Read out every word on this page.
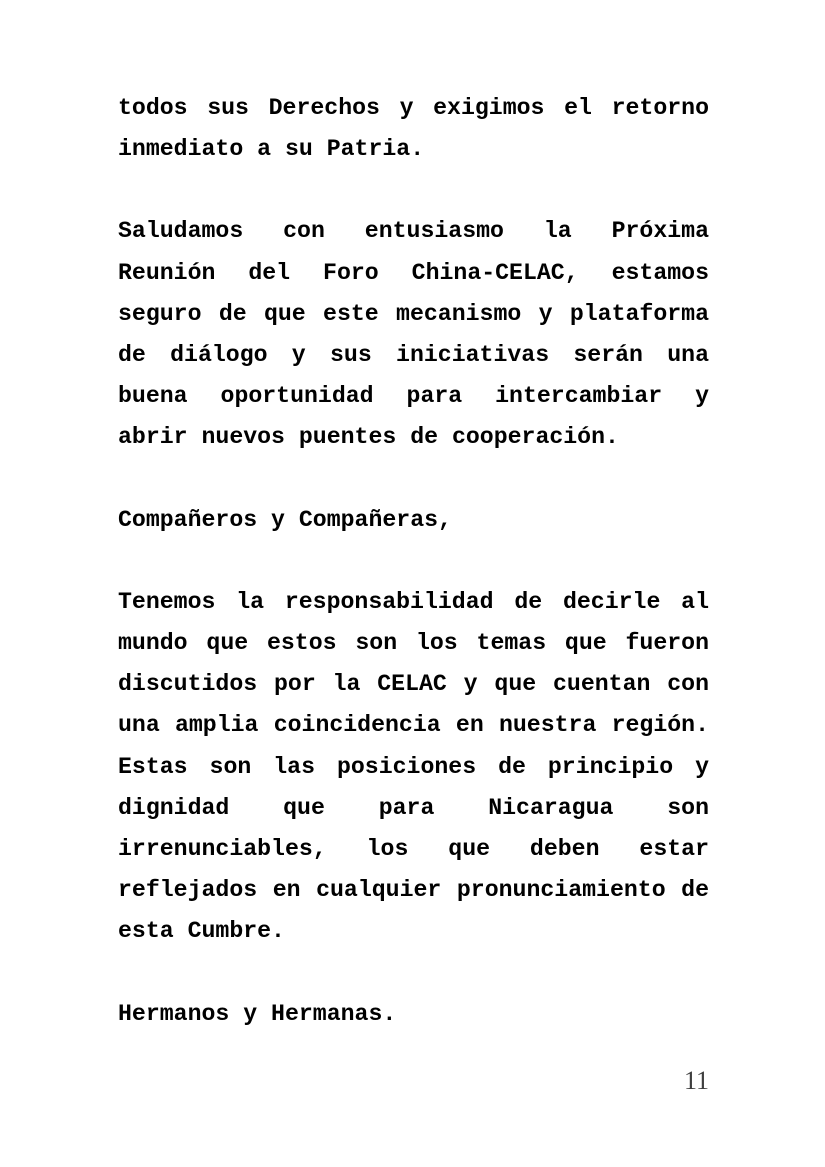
todos sus Derechos y exigimos el retorno inmediato a su Patria.

Saludamos con entusiasmo la Próxima Reunión del Foro China-CELAC, estamos seguro de que este mecanismo y plataforma de diálogo y sus iniciativas serán una buena oportunidad para intercambiar y abrir nuevos puentes de cooperación.

Compañeros y Compañeras,

Tenemos la responsabilidad de decirle al mundo que estos son los temas que fueron discutidos por la CELAC y que cuentan con una amplia coincidencia en nuestra región. Estas son las posiciones de principio y dignidad que para Nicaragua son irrenunciables, los que deben estar reflejados en cualquier pronunciamiento de esta Cumbre.

Hermanos y Hermanas.

11
